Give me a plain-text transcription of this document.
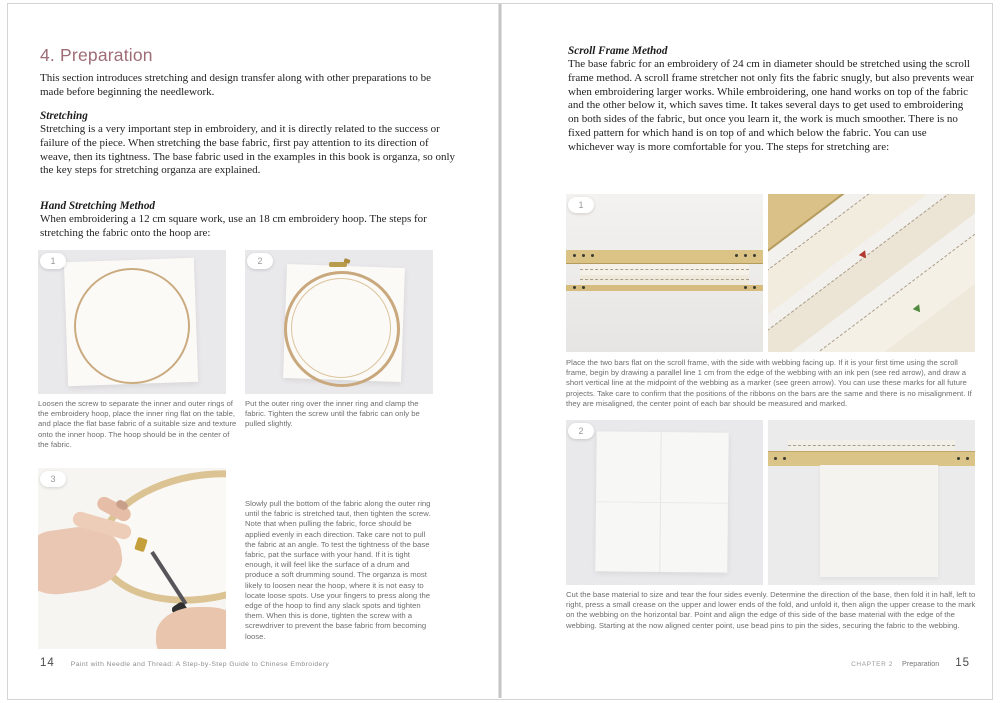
4. Preparation
This section introduces stretching and design transfer along with other preparations to be made before beginning the needlework.
Stretching
Stretching is a very important step in embroidery, and it is directly related to the success or failure of the piece. When stretching the base fabric, first pay attention to its direction of weave, then its tightness. The base fabric used in the examples in this book is organza, so only the key steps for stretching organza are explained.
Hand Stretching Method
When embroidering a 12 cm square work, use an 18 cm embroidery hoop. The steps for stretching the fabric onto the hoop are:
1	2
Loosen the screw to separate the inner and outer rings of the embroidery hoop, place the inner ring flat on the table, and place the flat base fabric of a suitable size and texture onto the inner hoop. The hoop should be in the center of the fabric.
Put the outer ring over the inner ring and clamp the fabric. Tighten the screw until the fabric can only be pulled slightly.
3
Slowly pull the bottom of the fabric along the outer ring until the fabric is stretched taut, then tighten the screw. Note that when pulling the fabric, force should be applied evenly in each direction. Take care not to pull the fabric at an angle. To test the tightness of the base fabric, pat the surface with your hand. If it is tight enough, it will feel like the surface of a drum and produce a soft drumming sound. The organza is most likely to loosen near the hoop, where it is not easy to locate loose spots. Use your fingers to press along the edge of the hoop to find any slack spots and tighten them. When this is done, tighten the screw with a screwdriver to prevent the base fabric from becoming loose.
14 Paint with Needle and Thread: A Step-by-Step Guide to Chinese Embroidery
Scroll Frame Method
The base fabric for an embroidery of 24 cm in diameter should be stretched using the scroll frame method. A scroll frame stretcher not only fits the fabric snugly, but also prevents wear when embroidering larger works. While embroidering, one hand works on top of the fabric and the other below it, which saves time. It takes several days to get used to embroidering on both sides of the fabric, but once you learn it, the work is much smoother. There is no fixed pattern for which hand is on top of and which below the fabric. You can use whichever way is more comfortable for you. The steps for stretching are:
1
Place the two bars flat on the scroll frame, with the side with webbing facing up. If it is your first time using the scroll frame, begin by drawing a parallel line 1 cm from the edge of the webbing with an ink pen (see red arrow), and draw a short vertical line at the midpoint of the webbing as a marker (see green arrow). You can use these marks for all future projects. Take care to confirm that the positions of the ribbons on the bars are the same and there is no misalignment. If they are misaligned, the center point of each bar should be measured and marked.
2
Cut the base material to size and tear the four sides evenly. Determine the direction of the base, then fold it in half, left to right, press a small crease on the upper and lower ends of the fold, and unfold it, then align the upper crease to the mark on the webbing on the horizontal bar. Point and align the edge of this side of the base material with the edge of the webbing. Starting at the now aligned center point, use bead pins to pin the sides, securing the fabric to the webbing.
CHAPTER 2 Preparation 15
